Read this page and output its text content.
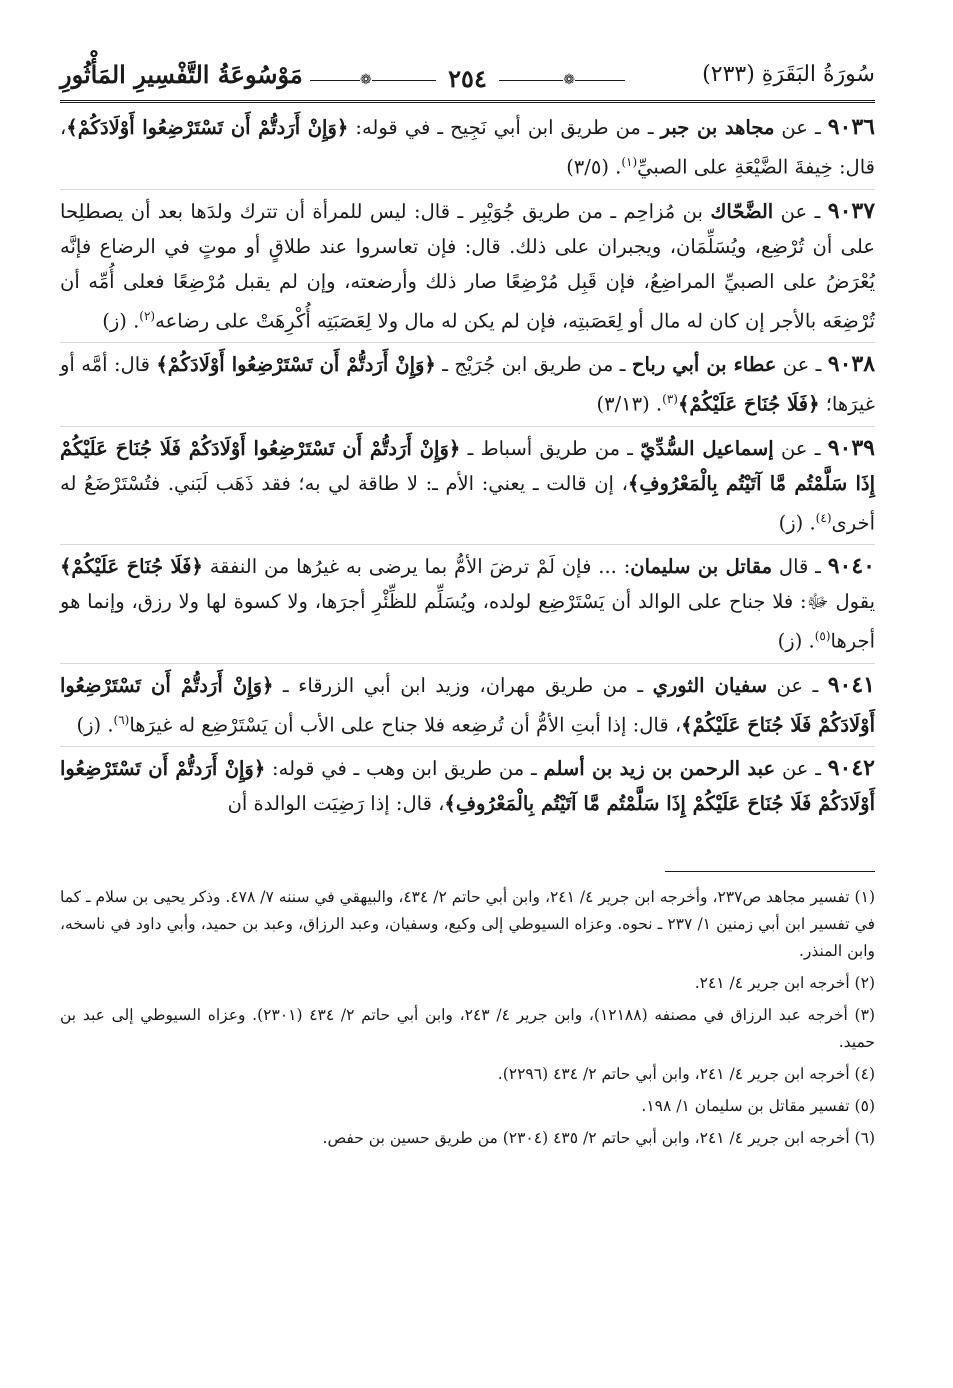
سُورَةُ البَقَرَةِ (٢٣٣)
❁
٢٥٤
❁
مَوْسُوعَةُ التَّفْسِيرِ المَأْثُورِ

٩٠٣٦ ـ عن مجاهد بن جبر ـ من طريق ابن أبي نَجِيح ـ في قوله: ﴿وَإِنْ أَرَدتُّمْ أَن تَسْتَرْضِعُوا أَوْلَادَكُمْ﴾، قال: خِيفةَ الضَّيْعَةِ على الصبيِّ$^{(١)}$. (٣/٥)

٩٠٣٧ ـ عن الضَّحّاك بن مُزاحِم ـ من طريق جُوَيْبِر ـ قال: ليس للمرأة أن تترك ولدَها بعد أن يصطلِحا على أن تُرْضِع، ويُسَلِّمَان، ويجبران على ذلك. قال: فإن تعاسروا عند طلاقٍ أو موتٍ في الرضاع فإنَّه يُعْرَضُ على الصبيِّ المراضِعُ، فإن قَبِل مُرْضِعًا صار ذلك وأرضعته، وإن لم يقبل مُرْضِعًا فعلى أُمِّه أن تُرْضِعَه بالأجر إن كان له مال أو لِعَصَبتِه، فإن لم يكن له مال ولا لِعَصَبَتِه أُكْرِهَتْ على رضاعه$^{(٢)}$. (ز)

٩٠٣٨ ـ عن عطاء بن أبي رباح ـ من طريق ابن جُرَيْج ـ ﴿وَإِنْ أَرَدتُّمْ أَن تَسْتَرْضِعُوا أَوْلَادَكُمْ﴾ قال: أمَّه أو غيرَها؛ ﴿فَلَا جُنَاحَ عَلَيْكُمْ﴾$^{(٣)}$. (٣/١٣)

٩٠٣٩ ـ عن إسماعيل السُّدِّيّ ـ من طريق أسباط ـ ﴿وَإِنْ أَرَدتُّمْ أَن تَسْتَرْضِعُوا أَوْلَادَكُمْ فَلَا جُنَاحَ عَلَيْكُمْ إِذَا سَلَّمْتُم مَّا آتَيْتُم بِالْمَعْرُوفِ﴾، إن قالت ـ يعني: الأم ـ: لا طاقة لي به؛ فقد ذَهَب لَبَني. فتُسْتَرْضَعُ له أخرى$^{(٤)}$. (ز)

٩٠٤٠ ـ قال مقاتل بن سليمان: ... فإن لَمْ ترضَ الأمُّ بما يرضى به غيرُها من النفقة ﴿فَلَا جُنَاحَ عَلَيْكُمْ﴾ يقول ﷻ: فلا جناح على الوالد أن يَسْتَرْضِع لولده، ويُسَلِّم للظِّئْرِ أجرَها، ولا كسوة لها ولا رزق، وإنما هو أجرها$^{(٥)}$. (ز)

٩٠٤١ ـ عن سفيان الثوري ـ من طريق مهران، وزيد ابن أبي الزرقاء ـ ﴿وَإِنْ أَرَدتُّمْ أَن تَسْتَرْضِعُوا أَوْلَادَكُمْ فَلَا جُنَاحَ عَلَيْكُمْ﴾، قال: إذا أبتِ الأمُّ أن تُرضِعه فلا جناح على الأب أن يَسْتَرْضِع له غيرَها$^{(٦)}$. (ز)

٩٠٤٢ ـ عن عبد الرحمن بن زيد بن أسلم ـ من طريق ابن وهب ـ في قوله: ﴿وَإِنْ أَرَدتُّمْ أَن تَسْتَرْضِعُوا أَوْلَادَكُمْ فَلَا جُنَاحَ عَلَيْكُمْ إِذَا سَلَّمْتُم مَّا آتَيْتُم بِالْمَعْرُوفِ﴾، قال: إذا رَضِيَت الوالدة أن

(١) تفسير مجاهد ص٢٣٧، وأخرجه ابن جرير ٤/ ٢٤١، وابن أبي حاتم ٢/ ٤٣٤، والبيهقي في سننه ٧/ ٤٧٨. وذكر يحيى بن سلام ـ كما في تفسير ابن أبي زمنين ١/ ٢٣٧ ـ نحوه. وعزاه السيوطي إلى وكيع، وسفيان، وعبد الرزاق، وعبد بن حميد، وأبي داود في ناسخه، وابن المنذر.

(٢) أخرجه ابن جرير ٤/ ٢٤١.

(٣) أخرجه عبد الرزاق في مصنفه (١٢١٨٨)، وابن جرير ٤/ ٢٤٣، وابن أبي حاتم ٢/ ٤٣٤ (٢٣٠١). وعزاه السيوطي إلى عبد بن حميد.

(٤) أخرجه ابن جرير ٤/ ٢٤١، وابن أبي حاتم ٢/ ٤٣٤ (٢٢٩٦).

(٥) تفسير مقاتل بن سليمان ١/ ١٩٨.

(٦) أخرجه ابن جرير ٤/ ٢٤١، وابن أبي حاتم ٢/ ٤٣٥ (٢٣٠٤) من طريق حسين بن حفص.
